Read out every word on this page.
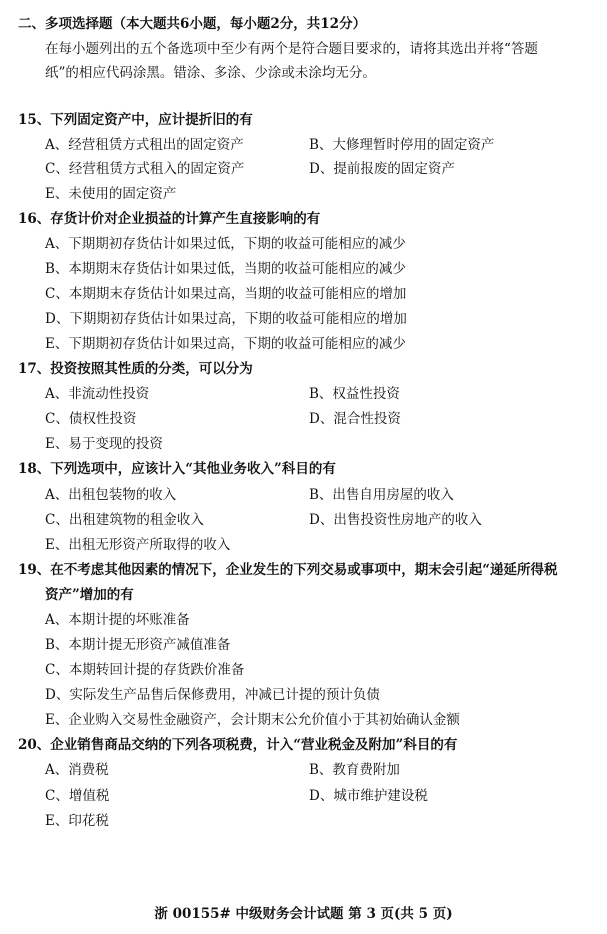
二、多项选择题（本大题共6小题，每小题2分，共12分）
在每小题列出的五个备选项中至少有两个是符合题目要求的，请将其选出并将“答题
纸”的相应代码涂黑。错涂、多涂、少涂或未涂均无分。
15、下列固定资产中，应计提折旧的有
A、经营租赁方式租出的固定资产	B、大修理暂时停用的固定资产
C、经营租赁方式租入的固定资产	D、提前报废的固定资产
E、未使用的固定资产
16、存货计价对企业损益的计算产生直接影响的有
A、下期期初存货估计如果过低，下期的收益可能相应的减少
B、本期期末存货估计如果过低，当期的收益可能相应的减少
C、本期期末存货估计如果过高，当期的收益可能相应的增加
D、下期期初存货估计如果过高，下期的收益可能相应的增加
E、下期期初存货估计如果过高，下期的收益可能相应的减少
17、投资按照其性质的分类，可以分为
A、非流动性投资	B、权益性投资
C、债权性投资	D、混合性投资
E、易于变现的投资
18、下列选项中，应该计入“其他业务收入”科目的有
A、出租包装物的收入	B、出售自用房屋的收入
C、出租建筑物的租金收入	D、出售投资性房地产的收入
E、出租无形资产所取得的收入
19、在不考虑其他因素的情况下，企业发生的下列交易或事项中，期末会引起“递延所得税
资产”增加的有
A、本期计提的坏账准备
B、本期计提无形资产减值准备
C、本期转回计提的存货跌价准备
D、实际发生产品售后保修费用，冲减已计提的预计负债
E、企业购入交易性金融资产，会计期末公允价值小于其初始确认金额
20、企业销售商品交纳的下列各项税费，计入“营业税金及附加”科目的有
A、消费税	B、教育费附加
C、增值税	D、城市维护建设税
E、印花税
浙 00155# 中级财务会计试题 第 3 页(共 5 页)
